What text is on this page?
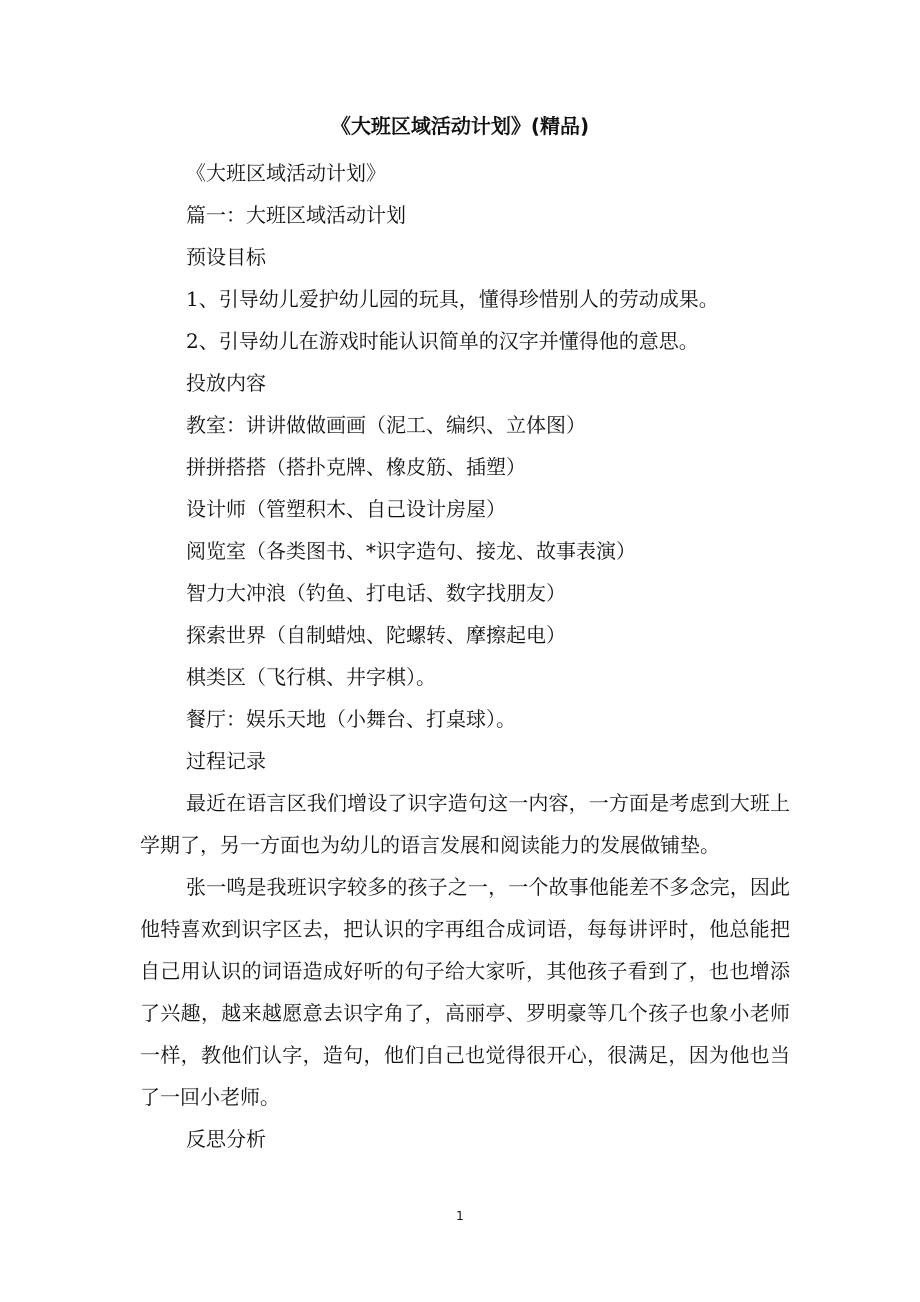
《大班区域活动计划》(精品)

《大班区域活动计划》

篇一：大班区域活动计划

预设目标

1、引导幼儿爱护幼儿园的玩具，懂得珍惜别人的劳动成果。

2、引导幼儿在游戏时能认识简单的汉字并懂得他的意思。

投放内容

教室：讲讲做做画画（泥工、编织、立体图）

拼拼搭搭（搭扑克牌、橡皮筋、插塑）

设计师（管塑积木、自己设计房屋）

阅览室（各类图书、*识字造句、接龙、故事表演）

智力大冲浪（钓鱼、打电话、数字找朋友）

探索世界（自制蜡烛、陀螺转、摩擦起电）

棋类区（飞行棋、井字棋）。

餐厅：娱乐天地（小舞台、打桌球）。

过程记录

最近在语言区我们增设了识字造句这一内容，一方面是考虑到大班上学期了，另一方面也为幼儿的语言发展和阅读能力的发展做铺垫。

张一鸣是我班识字较多的孩子之一，一个故事他能差不多念完，因此他特喜欢到识字区去，把认识的字再组合成词语，每每讲评时，他总能把自己用认识的词语造成好听的句子给大家听，其他孩子看到了，也也增添了兴趣，越来越愿意去识字角了，高丽亭、罗明豪等几个孩子也象小老师一样，教他们认字，造句，他们自己也觉得很开心，很满足，因为他也当了一回小老师。

反思分析

1
